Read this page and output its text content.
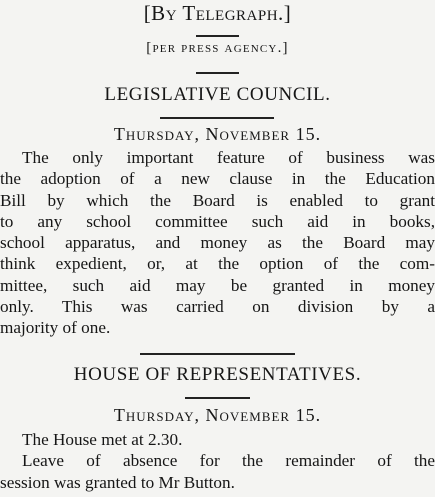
[By Telegraph.]
[per press agency.]
LEGISLATIVE COUNCIL.
Thursday, November 15.
The only important feature of business was
the adoption of a new clause in the Education
Bill by which the Board is enabled to grant
to any school committee such aid in books,
school apparatus, and money as the Board may
think expedient, or, at the option of the com-
mittee, such aid may be granted in money
only. This was carried on division by a
majority of one.
HOUSE OF REPRESENTATIVES.
Thursday, November 15.
The House met at 2.30.
Leave of absence for the remainder of the
session was granted to Mr Button.
